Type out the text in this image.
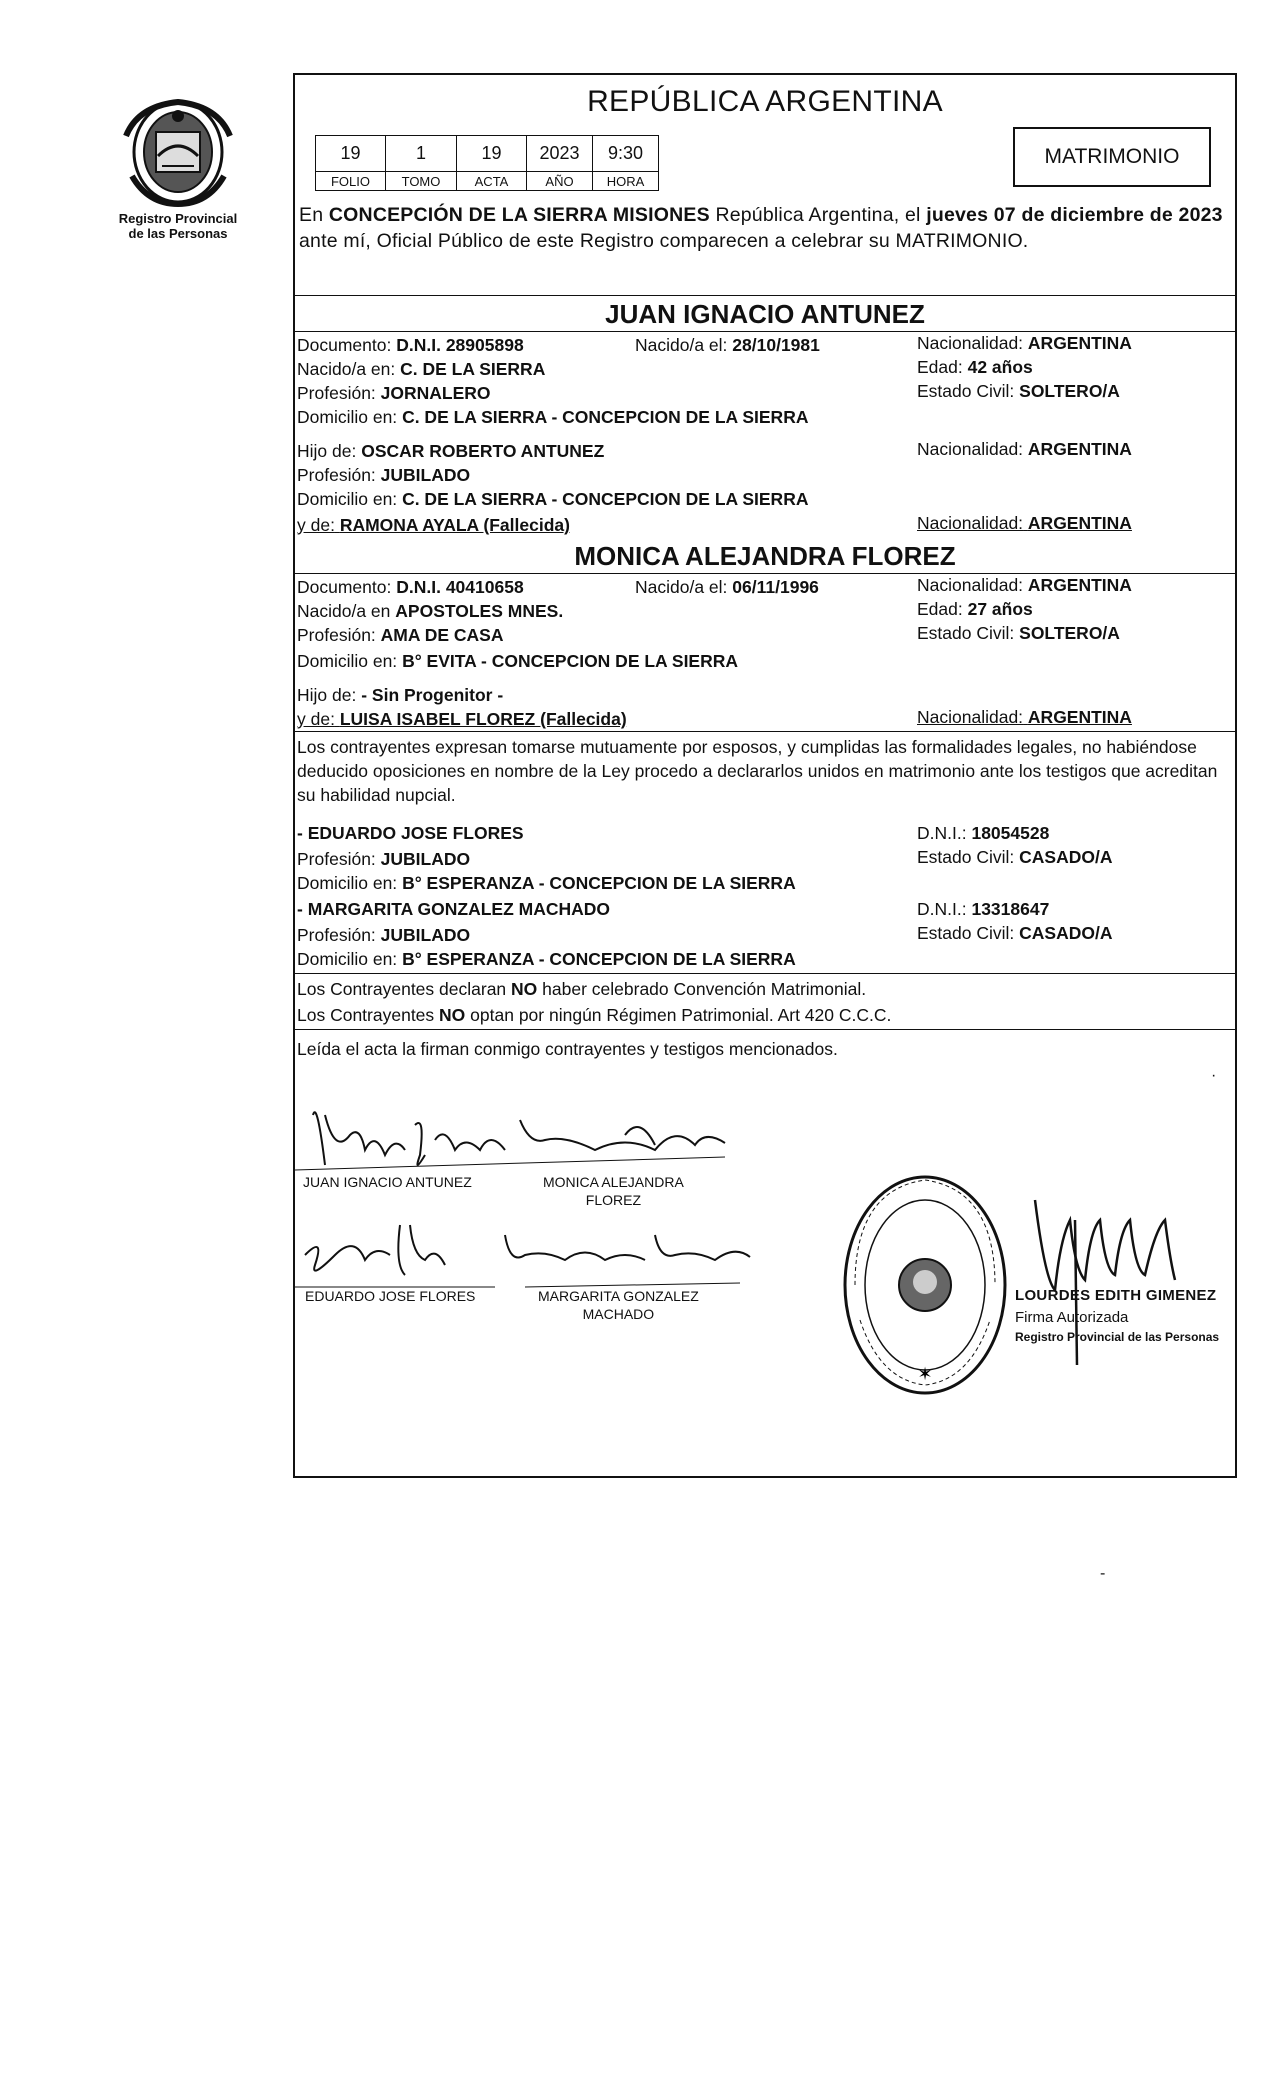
Registro Provincial
de las Personas
REPÚBLICA ARGENTINA
19	1	19	2023	9:30
FOLIO	TOMO	ACTA	AÑO	HORA
MATRIMONIO
En CONCEPCIÓN DE LA SIERRA MISIONES República Argentina, el jueves 07 de diciembre de 2023 ante mí, Oficial Público de este Registro comparecen a celebrar su MATRIMONIO.
JUAN IGNACIO ANTUNEZ
Documento: D.N.I. 28905898	Nacido/a el: 28/10/1981	Nacionalidad: ARGENTINA
Nacido/a en: C. DE LA SIERRA	Edad: 42 años
Profesión: JORNALERO	Estado Civil: SOLTERO/A
Domicilio en: C. DE LA SIERRA - CONCEPCION DE LA SIERRA
Hijo de: OSCAR ROBERTO ANTUNEZ	Nacionalidad: ARGENTINA
Profesión: JUBILADO
Domicilio en: C. DE LA SIERRA - CONCEPCION DE LA SIERRA
y de: RAMONA AYALA (Fallecida)	Nacionalidad: ARGENTINA
MONICA ALEJANDRA FLOREZ
Documento: D.N.I. 40410658	Nacido/a el: 06/11/1996	Nacionalidad: ARGENTINA
Nacido/a en APOSTOLES MNES.	Edad: 27 años
Profesión: AMA DE CASA	Estado Civil: SOLTERO/A
Domicilio en: B° EVITA - CONCEPCION DE LA SIERRA
Hijo de: - Sin Progenitor -
y de: LUISA ISABEL FLOREZ (Fallecida)	Nacionalidad: ARGENTINA
Los contrayentes expresan tomarse mutuamente por esposos, y cumplidas las formalidades legales, no habiéndose deducido oposiciones en nombre de la Ley procedo a declararlos unidos en matrimonio ante los testigos que acreditan su habilidad nupcial.
- EDUARDO JOSE FLORES	D.N.I.: 18054528
Profesión: JUBILADO	Estado Civil: CASADO/A
Domicilio en: B° ESPERANZA - CONCEPCION DE LA SIERRA
- MARGARITA GONZALEZ MACHADO	D.N.I.: 13318647
Profesión: JUBILADO	Estado Civil: CASADO/A
Domicilio en: B° ESPERANZA - CONCEPCION DE LA SIERRA
Los Contrayentes declaran NO haber celebrado Convención Matrimonial.
Los Contrayentes NO optan por ningún Régimen Patrimonial. Art 420 C.C.C.
Leída el acta la firman conmigo contrayentes y testigos mencionados.
·
JUAN IGNACIO ANTUNEZ	MONICA ALEJANDRA
FLOREZ
EDUARDO JOSE FLORES	MARGARITA GONZALEZ
MACHADO
✶
LOURDES EDITH GIMENEZ
Firma Autorizada
Registro Provincial de las Personas
-
